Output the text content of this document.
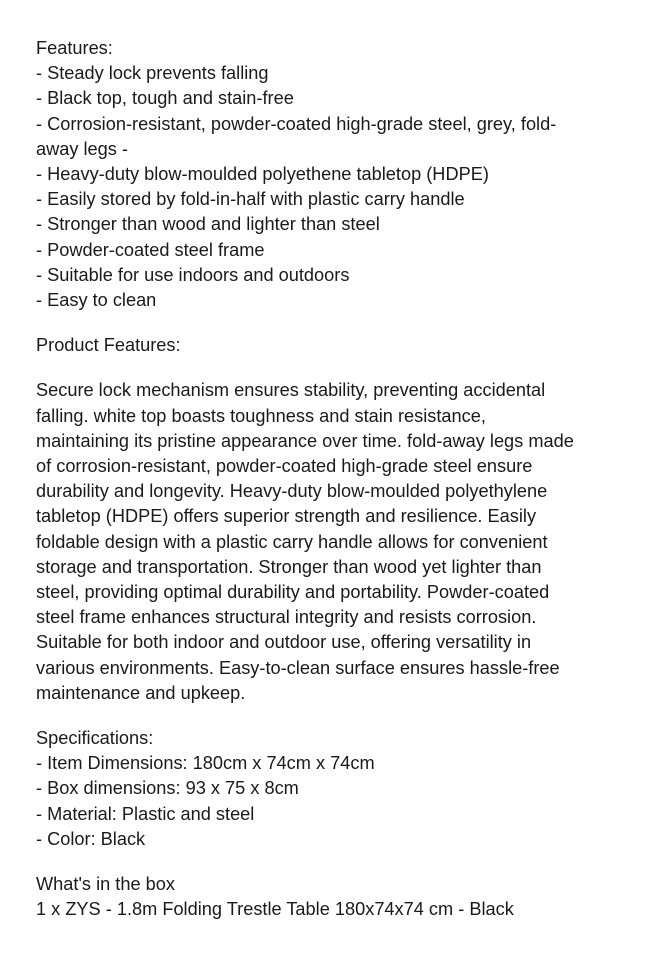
Features:

- Steady lock prevents falling

- Black top, tough and stain-free

- Corrosion-resistant, powder-coated high-grade steel, grey, fold-

away legs -

- Heavy-duty blow-moulded polyethene tabletop (HDPE)

- Easily stored by fold-in-half with plastic carry handle

- Stronger than wood and lighter than steel

- Powder-coated steel frame

- Suitable for use indoors and outdoors

- Easy to clean

Product Features:

Secure lock mechanism ensures stability, preventing accidental

falling. white top boasts toughness and stain resistance,

maintaining its pristine appearance over time. fold-away legs made

of corrosion-resistant, powder-coated high-grade steel ensure

durability and longevity. Heavy-duty blow-moulded polyethylene

tabletop (HDPE) offers superior strength and resilience. Easily

foldable design with a plastic carry handle allows for convenient

storage and transportation. Stronger than wood yet lighter than

steel, providing optimal durability and portability. Powder-coated

steel frame enhances structural integrity and resists corrosion.

Suitable for both indoor and outdoor use, offering versatility in

various environments. Easy-to-clean surface ensures hassle-free

maintenance and upkeep.

Specifications:

- Item Dimensions: 180cm x 74cm x 74cm

- Box dimensions: 93 x 75 x 8cm

- Material: Plastic and steel

- Color: Black

What's in the box

1 x ZYS - 1.8m Folding Trestle Table 180x74x74 cm - Black
